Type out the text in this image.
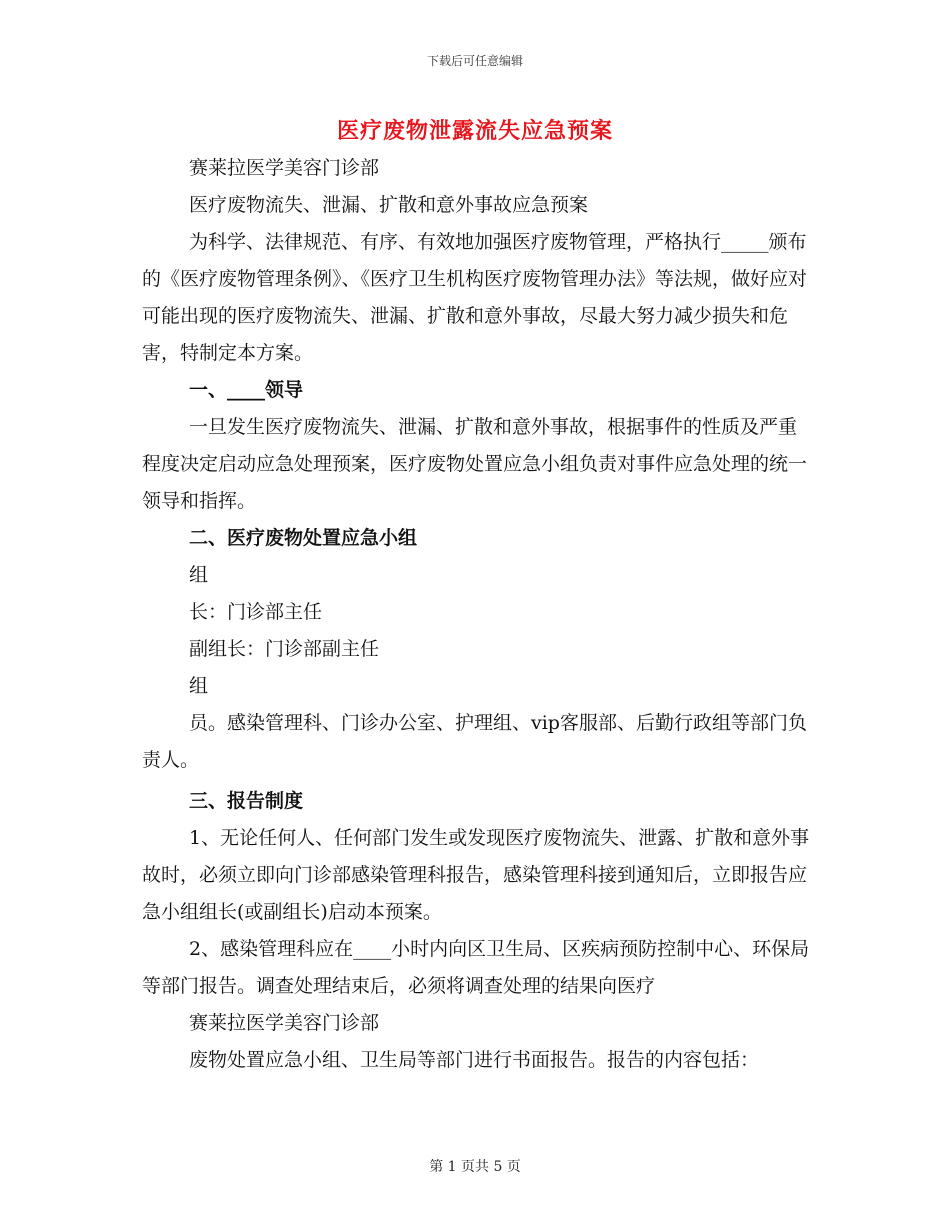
下载后可任意编辑
医疗废物泄露流失应急预案

赛莱拉医学美容门诊部

医疗废物流失、泄漏、扩散和意外事故应急预案

为科学、法律规范、有序、有效地加强医疗废物管理，严格执行_____颁布的《医疗废物管理条例》、《医疗卫生机构医疗废物管理办法》等法规，做好应对可能出现的医疗废物流失、泄漏、扩散和意外事故，尽最大努力减少损失和危害，特制定本方案。

一、____领导

一旦发生医疗废物流失、泄漏、扩散和意外事故，根据事件的性质及严重程度决定启动应急处理预案，医疗废物处置应急小组负责对事件应急处理的统一领导和指挥。

二、医疗废物处置应急小组

组

长：门诊部主任

副组长：门诊部副主任

组

员。感染管理科、门诊办公室、护理组、vip客服部、后勤行政组等部门负责人。

三、报告制度

1、无论任何人、任何部门发生或发现医疗废物流失、泄露、扩散和意外事故时，必须立即向门诊部感染管理科报告，感染管理科接到通知后，立即报告应急小组组长(或副组长)启动本预案。

2、感染管理科应在____小时内向区卫生局、区疾病预防控制中心、环保局等部门报告。调查处理结束后，必须将调查处理的结果向医疗

赛莱拉医学美容门诊部

废物处置应急小组、卫生局等部门进行书面报告。报告的内容包括：

第 1 页共 5 页
